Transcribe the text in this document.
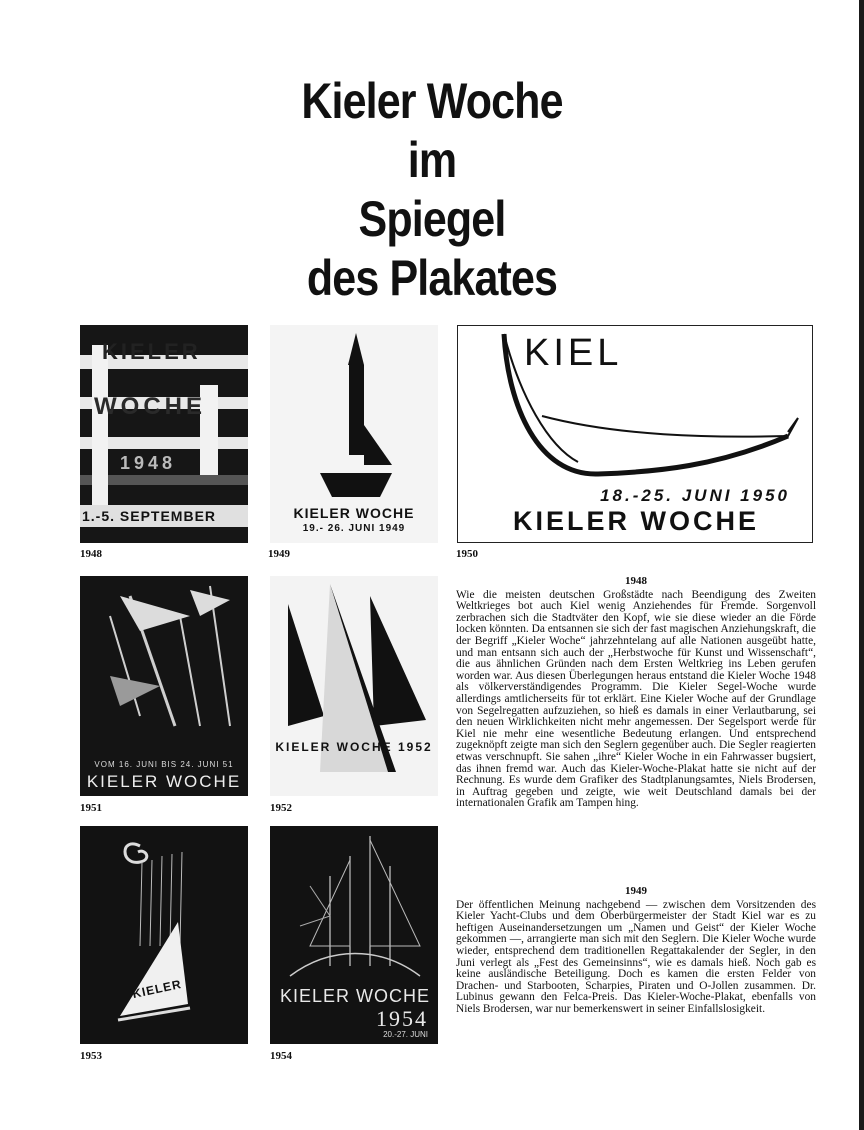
Kieler Woche
im
Spiegel
des Plakates
KIELER
WOCHE
1948
1.-5. SEPTEMBER
1948
KIELER WOCHE
19.- 26. JUNI 1949
1949
KIEL
18.-25. JUNI 1950
KIELER WOCHE
1950
VOM 16. JUNI BIS 24. JUNI 51
KIELER WOCHE
1951
KIELER WOCHE 1952
1952
KIELER
1953
KIELER WOCHE
1954
20.-27. JUNI
1954
1948

Wie die meisten deutschen Großstädte nach Beendigung des Zweiten Weltkrieges bot auch Kiel wenig Anziehendes für Fremde. Sorgenvoll zerbrachen sich die Stadtväter den Kopf, wie sie diese wieder an die Förde locken könnten. Da entsannen sie sich der fast magischen Anziehungskraft, die der Begriff „Kieler Woche“ jahrzehntelang auf alle Nationen ausgeübt hatte, und man entsann sich auch der „Herbstwoche für Kunst und Wissenschaft“, die aus ähnlichen Gründen nach dem Ersten Weltkrieg ins Leben gerufen worden war. Aus diesen Überlegungen heraus entstand die Kieler Woche 1948 als völkerverständigendes Programm. Die Kieler Segel-Woche wurde allerdings amtlicherseits für tot erklärt. Eine Kieler Woche auf der Grundlage von Segelregatten aufzuziehen, so hieß es damals in einer Verlautbarung, sei den neuen Wirklichkeiten nicht mehr angemessen. Der Segelsport werde für Kiel nie mehr eine wesentliche Bedeutung erlangen. Und entsprechend zugeknöpft zeigte man sich den Seglern gegenüber auch. Die Segler reagierten etwas verschnupft. Sie sahen „ihre“ Kieler Woche in ein Fahrwasser bugsiert, das ihnen fremd war. Auch das Kieler-Woche-Plakat hatte sie nicht auf der Rechnung. Es wurde dem Grafiker des Stadtplanungsamtes, Niels Brodersen, in Auftrag gegeben und zeigte, wie weit Deutschland damals bei der internationalen Grafik am Tampen hing.

1949

Der öffentlichen Meinung nachgebend — zwischen dem Vorsitzenden des Kieler Yacht-Clubs und dem Oberbürgermeister der Stadt Kiel war es zu heftigen Auseinandersetzungen um „Namen und Geist“ der Kieler Woche gekommen —, arrangierte man sich mit den Seglern. Die Kieler Woche wurde wieder, entsprechend dem traditionellen Regattakalender der Segler, in den Juni verlegt als „Fest des Gemeinsinns“, wie es damals hieß. Noch gab es keine ausländische Beteiligung. Doch es kamen die ersten Felder von Drachen- und Starbooten, Scharpies, Piraten und O-Jollen zusammen. Dr. Lubinus gewann den Felca-Preis. Das Kieler-Woche-Plakat, ebenfalls von Niels Brodersen, war nur bemerkenswert in seiner Einfallslosigkeit.
